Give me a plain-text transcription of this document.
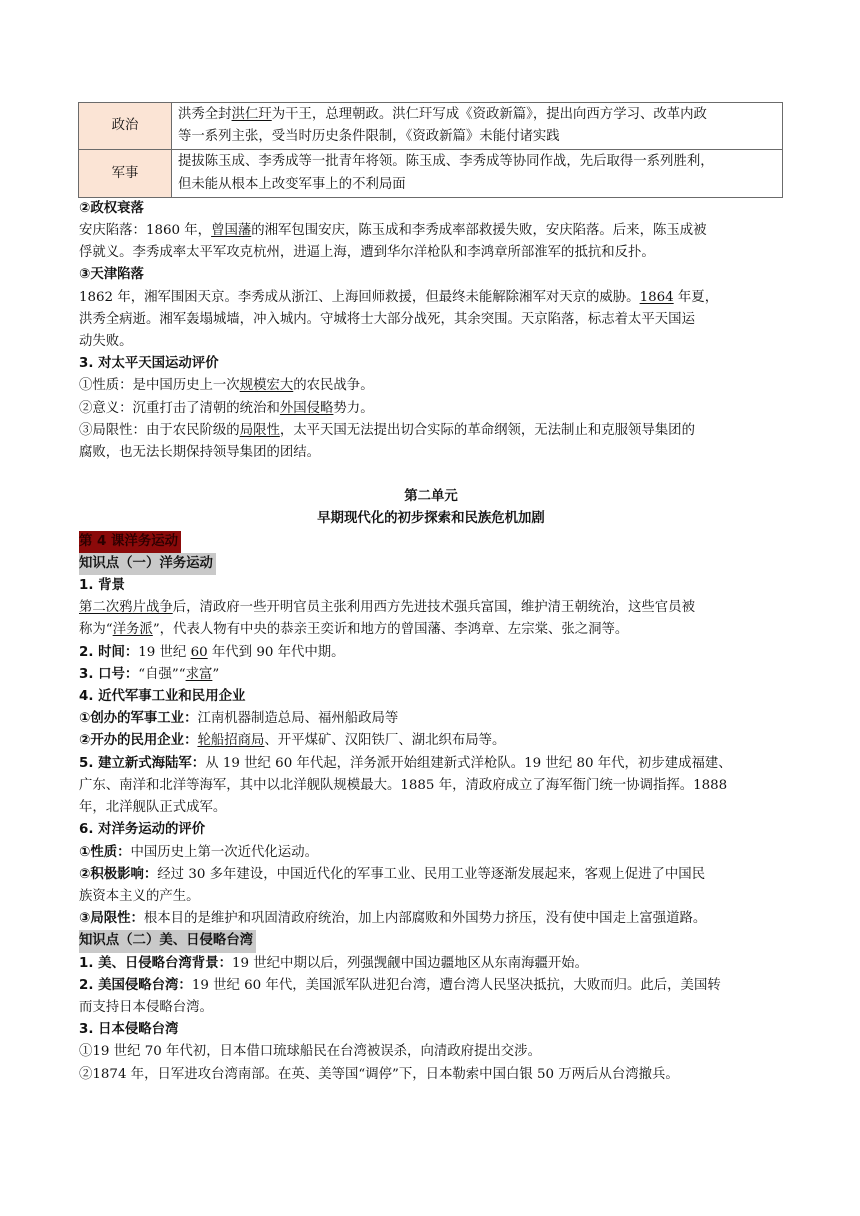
政治	洪秀全封洪仁玕为干王，总理朝政。洪仁玕写成《资政新篇》，提出向西方学习、改革内政
等一系列主张，受当时历史条件限制，《资政新篇》未能付诸实践

军事	提拔陈玉成、李秀成等一批青年将领。陈玉成、李秀成等协同作战，先后取得一系列胜利，
但未能从根本上改变军事上的不利局面
②政权衰落
安庆陷落：1860 年，曾国藩的湘军包围安庆，陈玉成和李秀成率部救援失败，安庆陷落。后来，陈玉成被
俘就义。李秀成率太平军攻克杭州，进逼上海，遭到华尔洋枪队和李鸿章所部淮军的抵抗和反扑。
③天津陷落
1862 年，湘军围困天京。李秀成从浙江、上海回师救援，但最终未能解除湘军对天京的威胁。1864 年夏，
洪秀全病逝。湘军轰塌城墙，冲入城内。守城将士大部分战死，其余突围。天京陷落，标志着太平天国运
动失败。
3. 对太平天国运动评价
①性质：是中国历史上一次规模宏大的农民战争。
②意义：沉重打击了清朝的统治和外国侵略势力。
③局限性：由于农民阶级的局限性，太平天国无法提出切合实际的革命纲领，无法制止和克服领导集团的
腐败，也无法长期保持领导集团的团结。
第二单元
早期现代化的初步探索和民族危机加剧
第 4 课洋务运动
知识点（一）洋务运动
1. 背景
第二次鸦片战争后，清政府一些开明官员主张利用西方先进技术强兵富国，维护清王朝统治，这些官员被
称为“洋务派”，代表人物有中央的恭亲王奕䜣和地方的曾国藩、李鸿章、左宗棠、张之洞等。
2. 时间：19 世纪 60 年代到 90 年代中期。
3. 口号：“自强”“求富”
4. 近代军事工业和民用企业
①创办的军事工业：江南机器制造总局、福州船政局等
②开办的民用企业：轮船招商局、开平煤矿、汉阳铁厂、湖北织布局等。
5. 建立新式海陆军：从 19 世纪 60 年代起，洋务派开始组建新式洋枪队。19 世纪 80 年代，初步建成福建、
广东、南洋和北洋等海军，其中以北洋舰队规模最大。1885 年，清政府成立了海军衙门统一协调指挥。1888
年，北洋舰队正式成军。
6. 对洋务运动的评价
①性质：中国历史上第一次近代化运动。
②积极影响：经过 30 多年建设，中国近代化的军事工业、民用工业等逐渐发展起来，客观上促进了中国民
族资本主义的产生。
③局限性：根本目的是维护和巩固清政府统治，加上内部腐败和外国势力挤压，没有使中国走上富强道路。
知识点（二）美、日侵略台湾
1. 美、日侵略台湾背景：19 世纪中期以后，列强觊觎中国边疆地区从东南海疆开始。
2. 美国侵略台湾：19 世纪 60 年代，美国派军队进犯台湾，遭台湾人民坚决抵抗，大败而归。此后，美国转
而支持日本侵略台湾。
3. 日本侵略台湾
①19 世纪 70 年代初，日本借口琉球船民在台湾被误杀，向清政府提出交涉。
②1874 年，日军进攻台湾南部。在英、美等国“调停”下，日本勒索中国白银 50 万两后从台湾撤兵。
